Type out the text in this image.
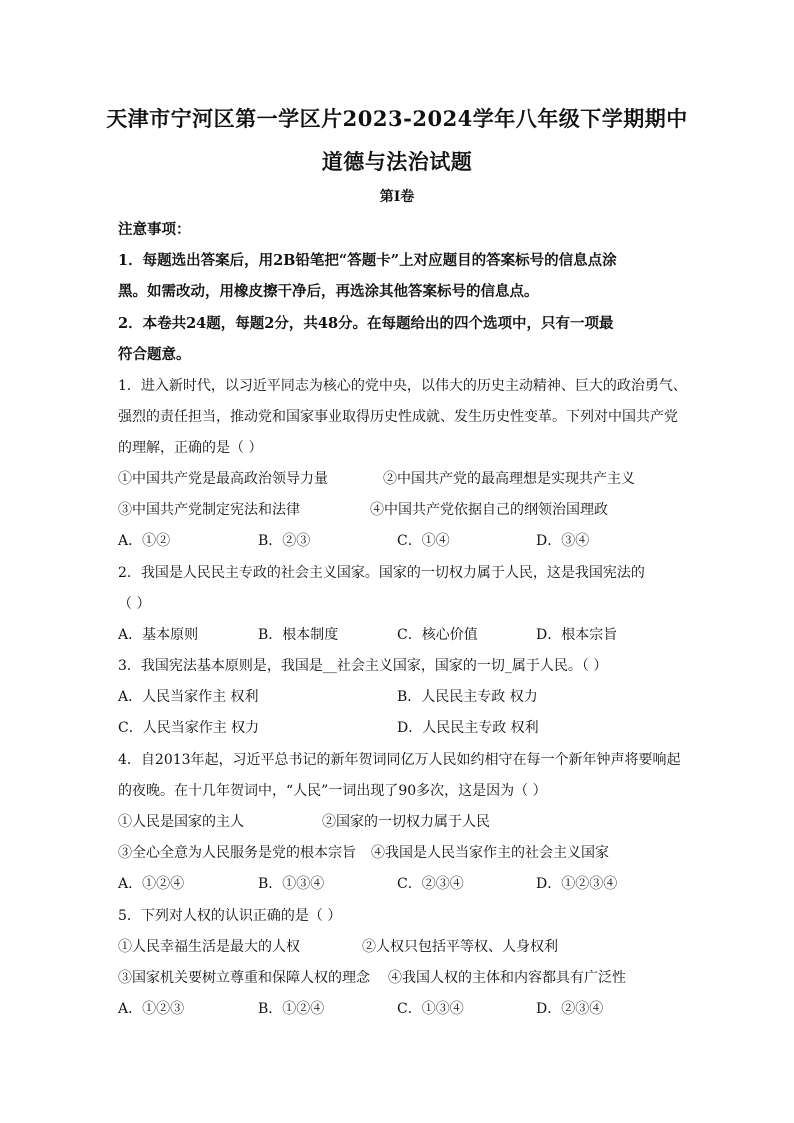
天津市宁河区第一学区片2023-2024学年八年级下学期期中
道德与法治试题
第I卷
注意事项：
1．每题选出答案后，用2B铅笔把“答题卡”上对应题目的答案标号的信息点涂
黑。如需改动，用橡皮擦干净后，再选涂其他答案标号的信息点。
2．本卷共24题，每题2分，共48分。在每题给出的四个选项中，只有一项最
符合题意。
1．进入新时代，以习近平同志为核心的党中央，以伟大的历史主动精神、巨大的政治勇气、
强烈的责任担当，推动党和国家事业取得历史性成就、发生历史性变革。下列对中国共产党
的理解，正确的是（ ）
①中国共产党是最高政治领导力量	②中国共产党的最高理想是实现共产主义
③中国共产党制定宪法和法律	④中国共产党依据自己的纲领治国理政
A．①②	B．②③	C．①④	D．③④
2．我国是人民民主专政的社会主义国家。国家的一切权力属于人民，这是我国宪法的
（ ）
A．基本原则	B．根本制度	C．核心价值	D．根本宗旨
3．我国宪法基本原则是，我国是__社会主义国家，国家的一切_属于人民。（ ）
A．人民当家作主 权利	B．人民民主专政 权力
C．人民当家作主 权力	D．人民民主专政 权利
4．自2013年起，习近平总书记的新年贺词同亿万人民如约相守在每一个新年钟声将要响起
的夜晚。在十几年贺词中，“人民”一词出现了90多次，这是因为（ ）
①人民是国家的主人	②国家的一切权力属于人民
③全心全意为人民服务是党的根本宗旨 ④我国是人民当家作主的社会主义国家
A．①②④	B．①③④	C．②③④	D．①②③④
5．下列对人权的认识正确的是（ ）
①人民幸福生活是最大的人权	②人权只包括平等权、人身权利
③国家机关要树立尊重和保障人权的理念 ④我国人权的主体和内容都具有广泛性
A．①②③	B．①②④	C．①③④	D．②③④
